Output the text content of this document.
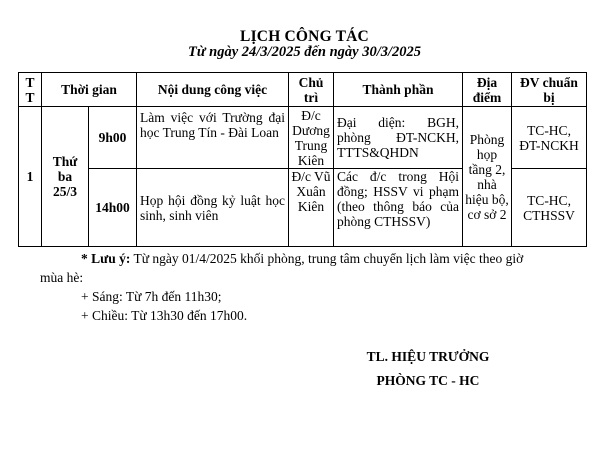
LỊCH CÔNG TÁC
Từ ngày 24/3/2025 đến ngày 30/3/2025
T T	Thời gian		Nội dung công việc	Chủ trì	Thành phần	Địa điểm	ĐV chuẩn bị
1	Thứ ba 25/3	9h00	Làm việc với Trường đại học Trung Tín - Đài Loan	Đ/c Dương Trung Kiên	Đại diện: BGH, phòng ĐT-NCKH, TTTS&QHDN	Phòng họp tầng 2, nhà hiệu bộ, cơ sở 2	TC-HC, ĐT-NCKH
		14h00	Họp hội đồng kỷ luật học sinh, sinh viên	Đ/c Vũ Xuân Kiên	Các đ/c trong Hội đồng; HSSV vi phạm (theo thông báo của phòng CTHSSV)		TC-HC, CTHSSV
* Lưu ý: Từ ngày 01/4/2025 khối phòng, trung tâm chuyển lịch làm việc theo giờ
mùa hè:
+ Sáng: Từ 7h đến 11h30;
+ Chiều: Từ 13h30 đến 17h00.
TL. HIỆU TRƯỞNG
PHÒNG TC - HC
